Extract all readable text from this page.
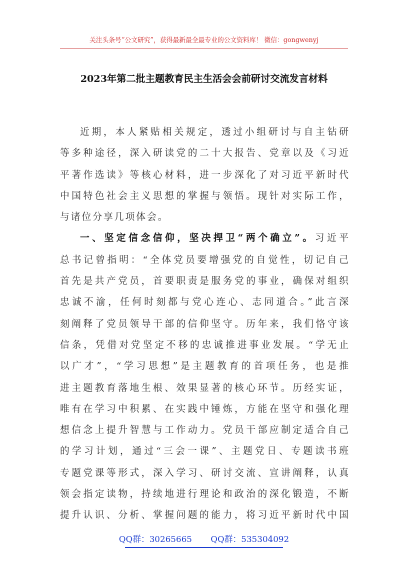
关注头条号“公文研究”，获得最新最全最专业的公文资料库！ 微信：gongwenyj
2023年第二批主题教育民主生活会会前研讨交流发言材料
近期，本人紧贴相关规定，透过小组研讨与自主钻研
等多种途径，深入研读党的二十大报告、党章以及《习近
平著作选读》等核心材料，进一步深化了对习近平新时代
中国特色社会主义思想的掌握与领悟。现针对实际工作，
与诸位分享几项体会。
一、坚定信念信仰，坚决捍卫“两个确立”。习近平
总书记曾指明：“全体党员要增强党的自觉性，切记自己
首先是共产党员，首要职责是服务党的事业，确保对组织
忠诚不渝，任何时刻都与党心连心、志同道合。”此言深
刻阐释了党员领导干部的信仰坚守。历年来，我们恪守该
信条，凭借对党坚定不移的忠诚推进事业发展。“学无止
以广才”，“学习思想”是主题教育的首项任务，也是推
进主题教育落地生根、效果显著的核心环节。历经实证，
唯有在学习中积累、在实践中锤炼，方能在坚守和强化理
想信念上提升智慧与工作动力。党员干部应制定适合自己
的学习计划，通过“三会一课”、主题党日、专题读书班
专题党课等形式，深入学习、研讨交流、宣讲阐释，认真
领会指定读物，持续地进行理论和政治的深化锻造，不断
提升认识、分析、掌握问题的能力，将习近平新时代中国
QQ群：30265665 QQ群：535304092
